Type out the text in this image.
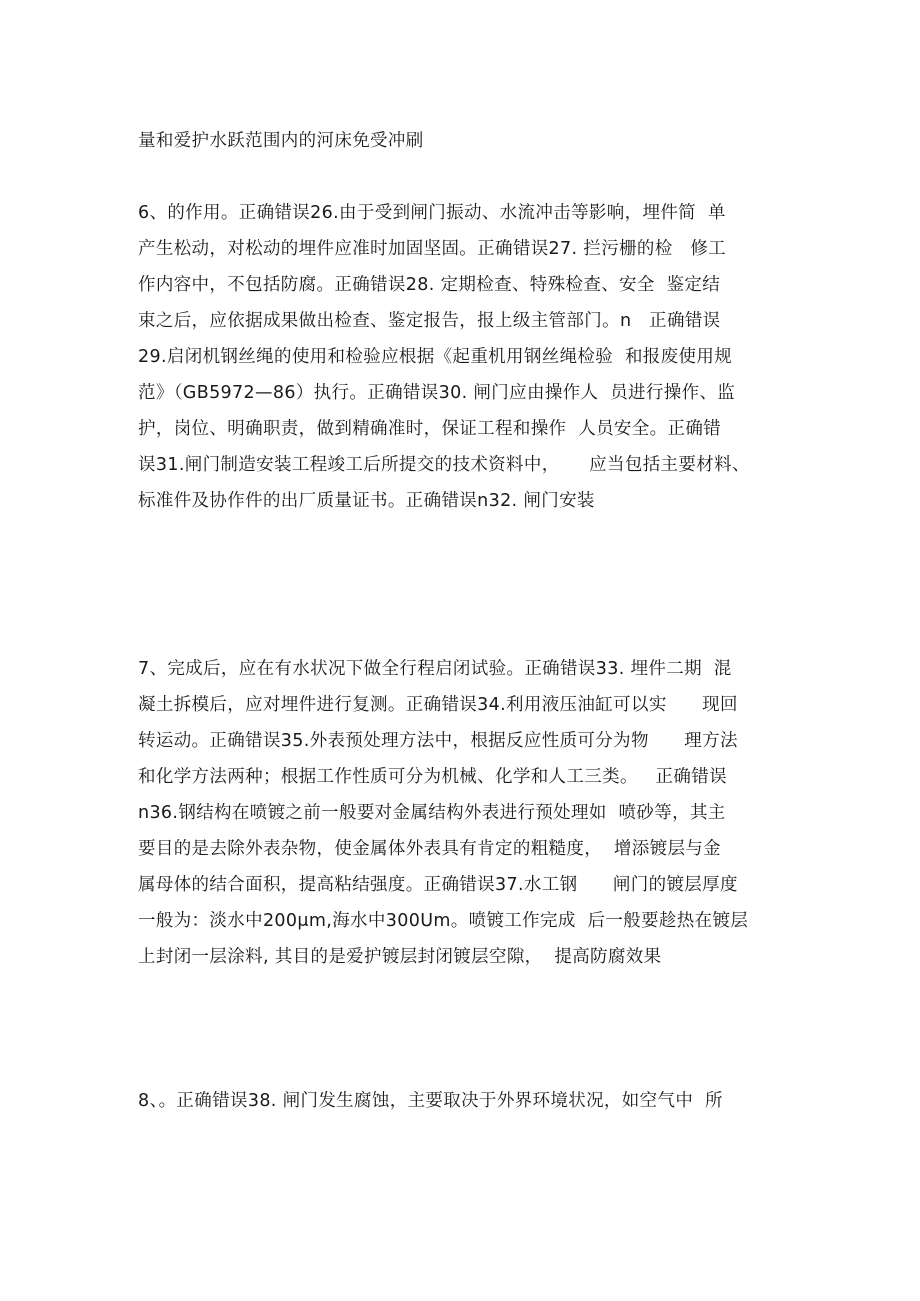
量和爱护水跃范围内的河床免受冲刷
6、的作用。正确错误26.由于受到闸门振动、水流冲击等影响，埋件简  单
产生松动，对松动的埋件应准时加固坚固。正确错误27. 拦污栅的检   修工
作内容中，不包括防腐。正确错误28. 定期检查、特殊检查、安全  鉴定结
束之后，应依据成果做出检查、鉴定报告，报上级主管部门。n   正确错误
29.启闭机钢丝绳的使用和检验应根据《起重机用钢丝绳检验  和报废使用规
范》（GB5972—86）执行。正确错误30. 闸门应由操作人  员进行操作、监
护，岗位、明确职责，做到精确准时，保证工程和操作  人员安全。正确错
误31.闸门制造安装工程竣工后所提交的技术资料中，     应当包括主要材料、
标准件及协作件的出厂质量证书。正确错误n32. 闸门安装
7、完成后，应在有水状况下做全行程启闭试验。正确错误33. 埋件二期  混
凝土拆模后，应对埋件进行复测。正确错误34.利用液压油缸可以实      现回
转运动。正确错误35.外表预处理方法中，根据反应性质可分为物      理方法
和化学方法两种；根据工作性质可分为机械、化学和人工三类。   正确错误
n36.钢结构在喷镀之前一般要对金属结构外表进行预处理如  喷砂等，其主
要目的是去除外表杂物，使金属体外表具有肯定的粗糙度，  增添镀层与金
属母体的结合面积，提高粘结强度。正确错误37.水工钢      闸门的镀层厚度
一般为：淡水中200μm,海水中300Um。喷镀工作完成  后一般要趁热在镀层
上封闭一层涂料, 其目的是爱护镀层封闭镀层空隙，  提高防腐效果
8、。正确错误38. 闸门发生腐蚀，主要取决于外界环境状况，如空气中  所
